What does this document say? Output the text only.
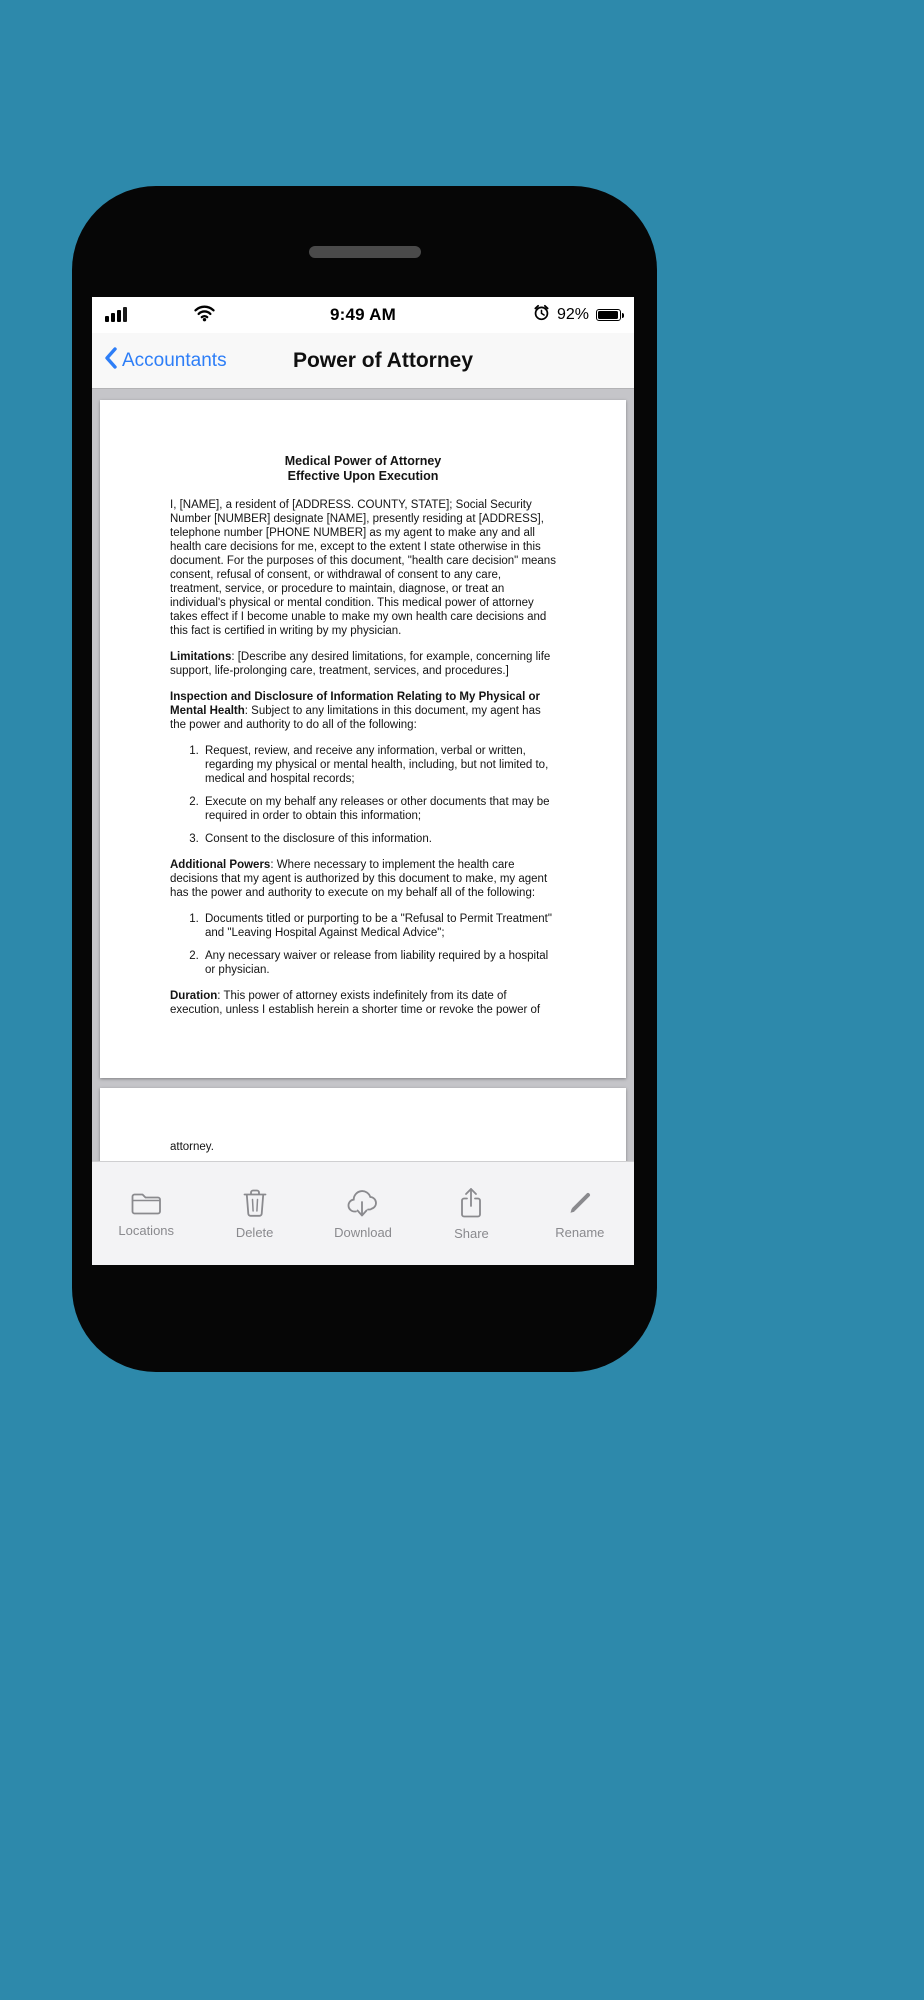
9:49 AM	92%
Accountants	Power of Attorney
Medical Power of Attorney
Effective Upon Execution

I, [NAME], a resident of [ADDRESS. COUNTY, STATE]; Social Security Number [NUMBER] designate [NAME], presently residing at [ADDRESS], telephone number [PHONE NUMBER] as my agent to make any and all health care decisions for me, except to the extent I state otherwise in this document. For the purposes of this document, "health care decision" means consent, refusal of consent, or withdrawal of consent to any care, treatment, service, or procedure to maintain, diagnose, or treat an individual's physical or mental condition. This medical power of attorney takes effect if I become unable to make my own health care decisions and this fact is certified in writing by my physician.

Limitations: [Describe any desired limitations, for example, concerning life support, life-prolonging care, treatment, services, and procedures.]

Inspection and Disclosure of Information Relating to My Physical or Mental Health: Subject to any limitations in this document, my agent has the power and authority to do all of the following:

1. Request, review, and receive any information, verbal or written, regarding my physical or mental health, including, but not limited to, medical and hospital records;
2. Execute on my behalf any releases or other documents that may be required in order to obtain this information;
3. Consent to the disclosure of this information.

Additional Powers: Where necessary to implement the health care decisions that my agent is authorized by this document to make, my agent has the power and authority to execute on my behalf all of the following:

1. Documents titled or purporting to be a "Refusal to Permit Treatment" and "Leaving Hospital Against Medical Advice";
2. Any necessary waiver or release from liability required by a hospital or physician.

Duration: This power of attorney exists indefinitely from its date of execution, unless I establish herein a shorter time or revoke the power of

attorney.

Locations	Delete	Download	Share	Rename
